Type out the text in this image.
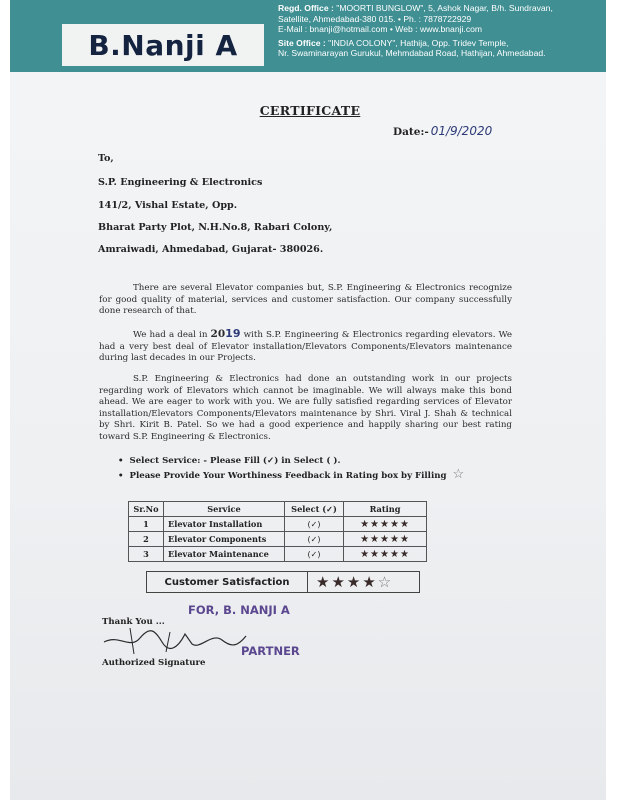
B.Nanji A
Regd. Office : "MOORTI BUNGLOW", 5, Ashok Nagar, B/h. Sundravan,
Satellite, Ahmedabad-380 015. • Ph. : 7878722929
E-Mail : bnanji@hotmail.com • Web : www.bnanji.com
Site Office : "INDIA COLONY", Hathija, Opp. Tridev Temple,
Nr. Swaminarayan Gurukul, Mehmdabad Road, Hathijan, Ahmedabad.
CERTIFICATE
Date:- 01/9/2020
To,
S.P. Engineering & Electronics
141/2, Vishal Estate, Opp.
Bharat Party Plot, N.H.No.8, Rabari Colony,
Amraiwadi, Ahmedabad, Gujarat- 380026.
There are several Elevator companies but, S.P. Engineering & Electronics recognize for good quality of material, services and customer satisfaction. Our company successfully done research of that.
We had a deal in 2019 with S.P. Engineering & Electronics regarding elevators. We had a very best deal of Elevator installation/Elevators Components/Elevators maintenance during last decades in our Projects.
S.P. Engineering & Electronics had done an outstanding work in our projects regarding work of Elevators which cannot be imaginable. We will always make this bond ahead. We are eager to work with you. We are fully satisfied regarding services of Elevator installation/Elevators Components/Elevators maintenance by Shri. Viral J. Shah & technical by Shri. Kirit B. Patel. So we had a good experience and happily sharing our best rating toward S.P. Engineering & Electronics.
• Select Service: - Please Fill (✓) in Select ( ).
• Please Provide Your Worthiness Feedback in Rating box by Filling ☆
Sr.No	Service	Select (✓)	Rating
1	Elevator Installation	(✓)	★★★★★
2	Elevator Components	(✓)	★★★★★
3	Elevator Maintenance	(✓)	★★★★★
Customer Satisfaction	★★★★☆
FOR, B. NANJI A
Thank You ...
PARTNER
Authorized Signature
